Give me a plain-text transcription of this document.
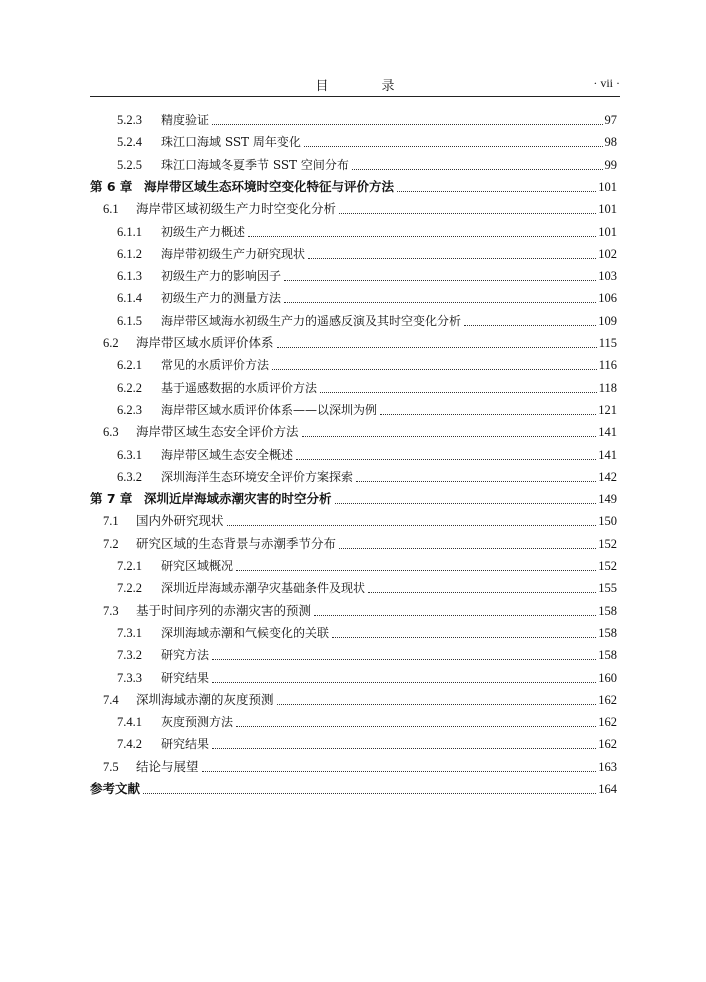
目　录	· vii ·
5.2.3	精度验证	97
5.2.4	珠江口海域 SST 周年变化	98
5.2.5	珠江口海域冬夏季节 SST 空间分布	99
第 6 章 海岸带区域生态环境时空变化特征与评价方法	101
6.1	海岸带区域初级生产力时空变化分析	101
6.1.1	初级生产力概述	101
6.1.2	海岸带初级生产力研究现状	102
6.1.3	初级生产力的影响因子	103
6.1.4	初级生产力的测量方法	106
6.1.5	海岸带区域海水初级生产力的遥感反演及其时空变化分析	109
6.2	海岸带区域水质评价体系	115
6.2.1	常见的水质评价方法	116
6.2.2	基于遥感数据的水质评价方法	118
6.2.3	海岸带区域水质评价体系——以深圳为例	121
6.3	海岸带区域生态安全评价方法	141
6.3.1	海岸带区域生态安全概述	141
6.3.2	深圳海洋生态环境安全评价方案探索	142
第 7 章 深圳近岸海域赤潮灾害的时空分析	149
7.1	国内外研究现状	150
7.2	研究区域的生态背景与赤潮季节分布	152
7.2.1	研究区域概况	152
7.2.2	深圳近岸海域赤潮孕灾基础条件及现状	155
7.3	基于时间序列的赤潮灾害的预测	158
7.3.1	深圳海域赤潮和气候变化的关联	158
7.3.2	研究方法	158
7.3.3	研究结果	160
7.4	深圳海域赤潮的灰度预测	162
7.4.1	灰度预测方法	162
7.4.2	研究结果	162
7.5	结论与展望	163
参考文献	164
